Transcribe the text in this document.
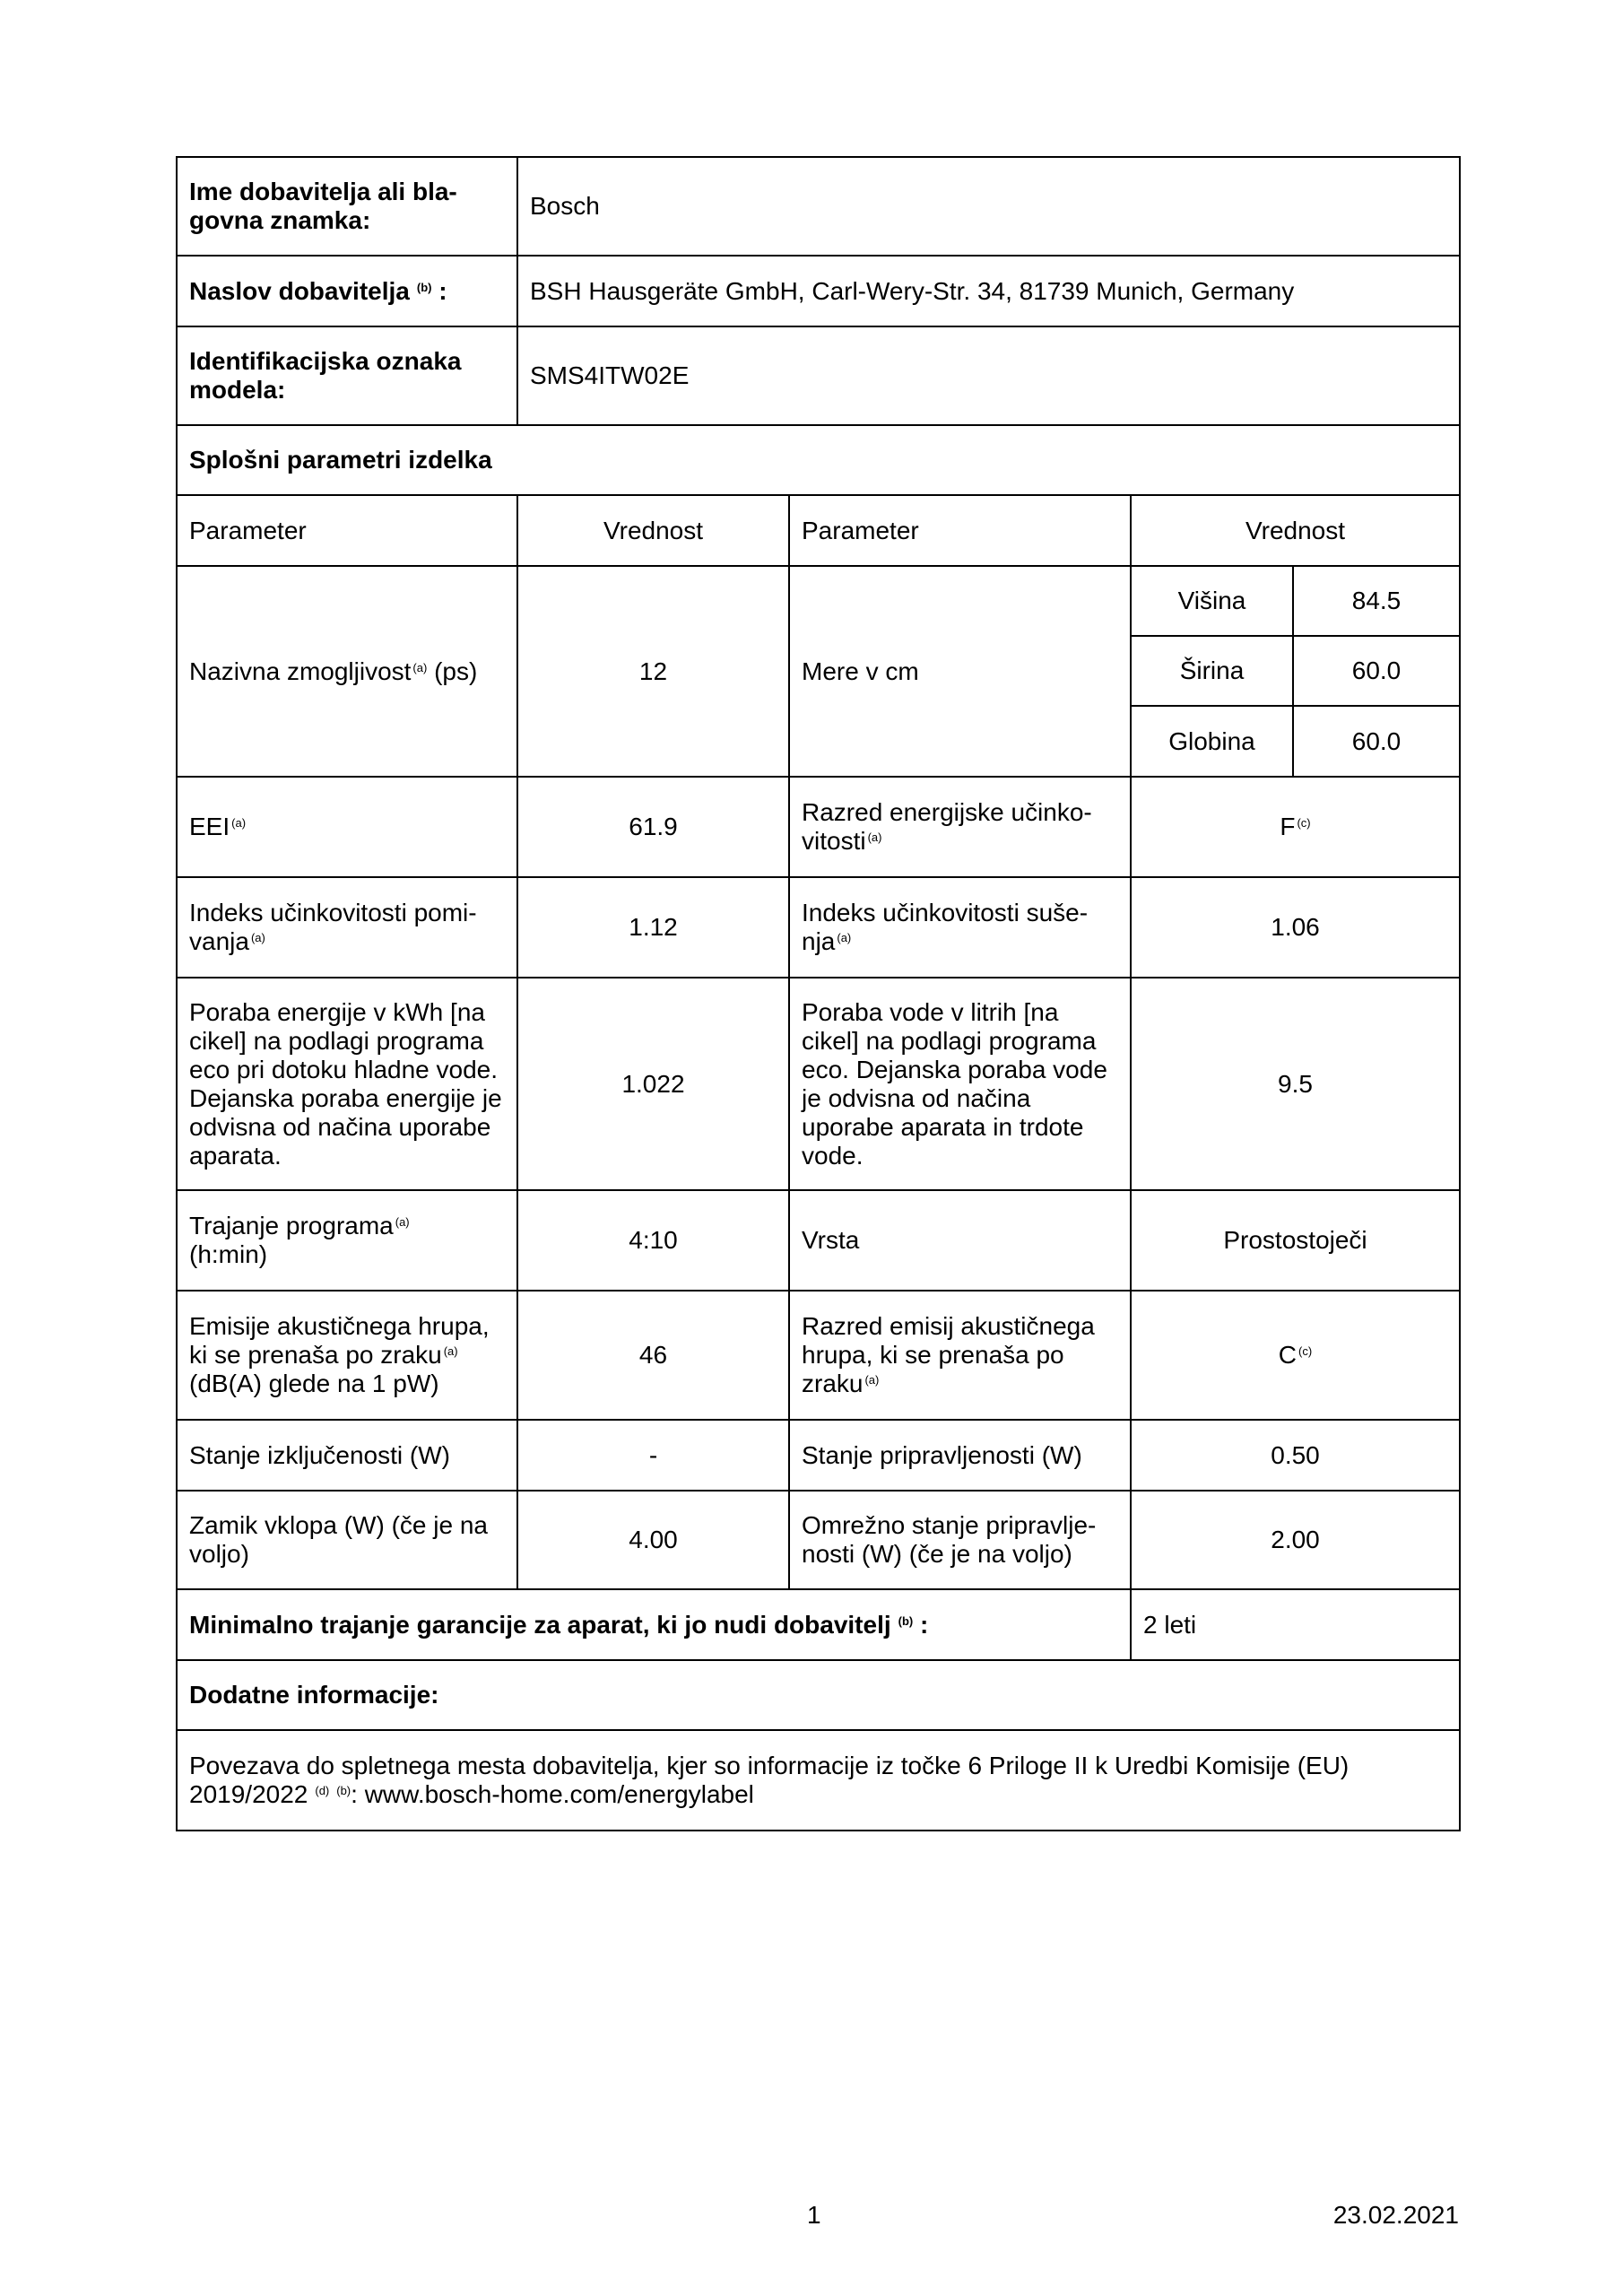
Ime dobavitelja ali bla-govna znamka:	Bosch			
Naslov dobavitelja $^{(b)}$ :	BSH Hausgeräte GmbH, Carl-Wery-Str. 34, 81739 Munich, Germany			
Identifikacijska oznaka modela:	SMS4ITW02E			
Splošni parametri izdelka				
Parameter	Vrednost	Parameter	Vrednost	
Nazivna zmogljivost $^{(a)}$ (ps)	12	Mere v cm	Višina	84.5
			Širina	60.0
			Globina	60.0
EEI $^{(a)}$	61.9	Razred energijske učinko-vitosti $^{(a)}$	F $^{(c)}$
Indeks učinkovitosti pomi-vanja $^{(a)}$	1.12	Indeks učinkovitosti suše-nja $^{(a)}$	1.06	
Poraba energije v kWh [na cikel] na podlagi programa eco pri dotoku hladne vode. Dejanska poraba energije je odvisna od načina uporabe aparata.	1.022	Poraba vode v litrih [na cikel] na podlagi programa eco. Dejanska poraba vode je odvisna od načina uporabe aparata in trdote vode.	9.5	
Trajanje programa $^{(a)}$
(h:min)	4:10	Vrsta	Prostostoječi	
Emisije akustičnega hrupa, ki se prenaša po zraku $^{(a)}$
(dB(A) glede na 1 pW)	46	Razred emisij akustičnega hrupa, ki se prenaša po zraku $^{(a)}$	C $^{(c)}$
Stanje izključenosti (W)	-	Stanje pripravljenosti (W)	0.50	
Zamik vklopa (W) (če je na voljo)	4.00	Omrežno stanje pripravlje-nosti (W) (če je na voljo)	2.00	
Minimalno trajanje garancije za aparat, ki jo nudi dobavitelj $^{(b)}$ :			2 leti	
Dodatne informacije:				
Povezava do spletnega mesta dobavitelja, kjer so informacije iz točke 6 Priloge II k Uredbi Komisije (EU) 2019/2022 $^{(d)}$ $^{(b)}$: www.bosch-home.com/energylabel				
1	23.02.2021
